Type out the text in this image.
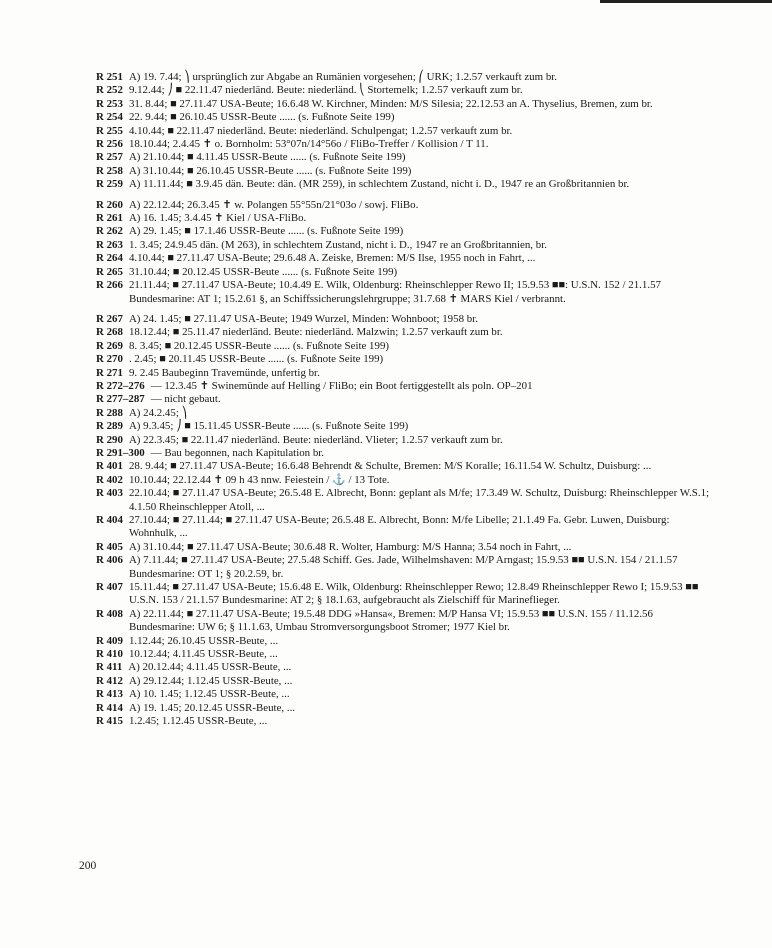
R 251 A) 19. 7.44; ⎞ ursprünglich zur Abgabe an Rumänien vorgesehen; ⎛ URK; 1.2.57 verkauft zum br.
R 252 9.12.44; ⎠ ■ 22.11.47 niederländ. Beute: niederländ. ⎝ Stortemelk; 1.2.57 verkauft zum br.
R 253 31. 8.44; ■ 27.11.47 USA-Beute; 16.6.48 W. Kirchner, Minden: M/S Silesia; 22.12.53 an A. Thyselius, Bremen, zum br.
R 254 22. 9.44; ■ 26.10.45 USSR-Beute ...... (s. Fußnote Seite 199)
R 255 4.10.44; ■ 22.11.47 niederländ. Beute: niederländ. Schulpengat; 1.2.57 verkauft zum br.
R 256 18.10.44; 2.4.45 ✝ o. Bornholm: 53°07n/14°56o / FliBo-Treffer / Kollision / T 11.
R 257 A) 21.10.44; ■ 4.11.45 USSR-Beute ...... (s. Fußnote Seite 199)
R 258 A) 31.10.44; ■ 26.10.45 USSR-Beute ...... (s. Fußnote Seite 199)
R 259 A) 11.11.44; ■ 3.9.45 dän. Beute: dän. (MR 259), in schlechtem Zustand, nicht i. D., 1947 re an Großbritannien br.
R 260 A) 22.12.44; 26.3.45 ✝ w. Polangen 55°55n/21°03o / sowj. FliBo.
R 261 A) 16. 1.45; 3.4.45 ✝ Kiel / USA-FliBo.
R 262 A) 29. 1.45; ■ 17.1.46 USSR-Beute ...... (s. Fußnote Seite 199)
R 263 1. 3.45; 24.9.45 dän. (M 263), in schlechtem Zustand, nicht i. D., 1947 re an Großbritannien, br.
R 264 4.10.44; ■ 27.11.47 USA-Beute; 29.6.48 A. Zeiske, Bremen: M/S Ilse, 1955 noch in Fahrt, ...
R 265 31.10.44; ■ 20.12.45 USSR-Beute ...... (s. Fußnote Seite 199)
R 266 21.11.44; ■ 27.11.47 USA-Beute; 10.4.49 E. Wilk, Oldenburg: Rheinschlepper Rewo II; 15.9.53 ■■: U.S.N. 152 / 21.1.57 Bundesmarine: AT 1; 15.2.61 §, an Schiffssicherungslehrgruppe; 31.7.68 ✝ MARS Kiel / verbrannt.
R 267 A) 24. 1.45; ■ 27.11.47 USA-Beute; 1949 Wurzel, Minden: Wohnboot; 1958 br.
R 268 18.12.44; ■ 25.11.47 niederländ. Beute: niederländ. Malzwin; 1.2.57 verkauft zum br.
R 269 8. 3.45; ■ 20.12.45 USSR-Beute ...... (s. Fußnote Seite 199)
R 270 . 2.45; ■ 20.11.45 USSR-Beute ...... (s. Fußnote Seite 199)
R 271 9. 2.45 Baubeginn Travemünde, unfertig br.
R 272–276 — 12.3.45 ✝ Swinemünde auf Helling / FliBo; ein Boot fertiggestellt als poln. OP–201
R 277–287 — nicht gebaut.
R 288 A) 24.2.45; ⎞
R 289 A) 9.3.45; ⎠ ■ 15.11.45 USSR-Beute ...... (s. Fußnote Seite 199)
R 290 A) 22.3.45; ■ 22.11.47 niederländ. Beute: niederländ. Vlieter; 1.2.57 verkauft zum br.
R 291–300 — Bau begonnen, nach Kapitulation br.
R 401 28. 9.44; ■ 27.11.47 USA-Beute; 16.6.48 Behrendt & Schulte, Bremen: M/S Koralle; 16.11.54 W. Schultz, Duisburg: ...
R 402 10.10.44; 22.12.44 ✝ 09 h 43 nnw. Feiestein / ⚓ / 13 Tote.
R 403 22.10.44; ■ 27.11.47 USA-Beute; 26.5.48 E. Albrecht, Bonn: geplant als M/fe; 17.3.49 W. Schultz, Duisburg: Rheinschlepper W.S.1; 4.1.50 Rheinschlepper Atoll, ...
R 404 27.10.44; ■ 27.11.44; ■ 27.11.47 USA-Beute; 26.5.48 E. Albrecht, Bonn: M/fe Libelle; 21.1.49 Fa. Gebr. Luwen, Duisburg: Wohnhulk, ...
R 405 A) 31.10.44; ■ 27.11.47 USA-Beute; 30.6.48 R. Wolter, Hamburg: M/S Hanna; 3.54 noch in Fahrt, ...
R 406 A) 7.11.44; ■ 27.11.47 USA-Beute; 27.5.48 Schiff. Ges. Jade, Wilhelmshaven: M/P Arngast; 15.9.53 ■■ U.S.N. 154 / 21.1.57 Bundesmarine: OT 1; § 20.2.59, br.
R 407 15.11.44; ■ 27.11.47 USA-Beute; 15.6.48 E. Wilk, Oldenburg: Rheinschlepper Rewo; 12.8.49 Rheinschlepper Rewo I; 15.9.53 ■■ U.S.N. 153 / 21.1.57 Bundesmarine: AT 2; § 18.1.63, aufgebraucht als Zielschiff für Marineflieger.
R 408 A) 22.11.44; ■ 27.11.47 USA-Beute; 19.5.48 DDG »Hansa«, Bremen: M/P Hansa VI; 15.9.53 ■■ U.S.N. 155 / 11.12.56 Bundesmarine: UW 6; § 11.1.63, Umbau Stromversorgungsboot Stromer; 1977 Kiel br.
R 409 1.12.44; 26.10.45 USSR-Beute, ...
R 410 10.12.44; 4.11.45 USSR-Beute, ...
R 411 A) 20.12.44; 4.11.45 USSR-Beute, ...
R 412 A) 29.12.44; 1.12.45 USSR-Beute, ...
R 413 A) 10. 1.45; 1.12.45 USSR-Beute, ...
R 414 A) 19. 1.45; 20.12.45 USSR-Beute, ...
R 415 1.2.45; 1.12.45 USSR-Beute, ...
200
